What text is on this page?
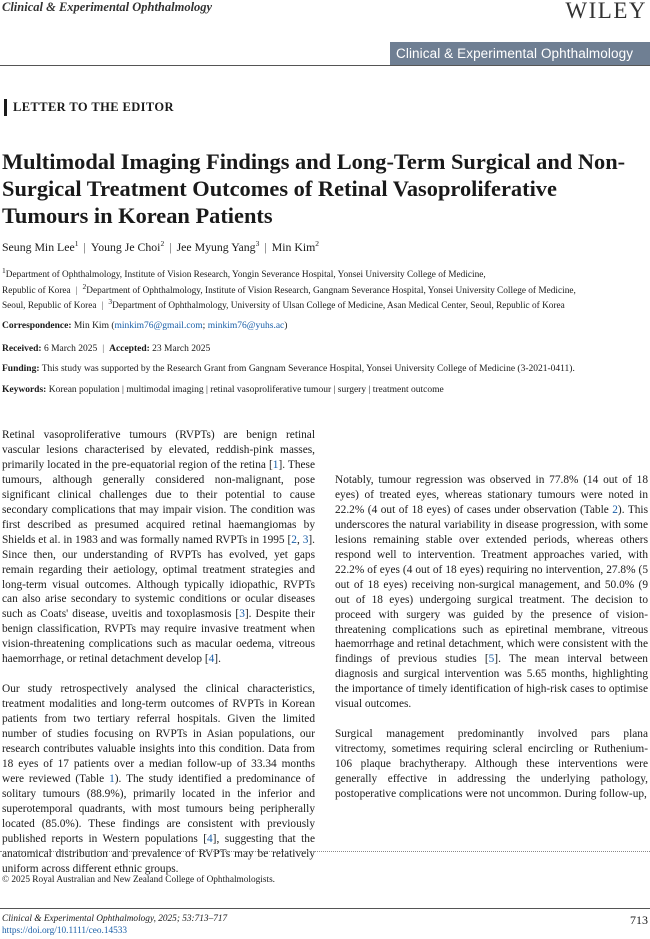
Clinical & Experimental Ophthalmology	WILEY
Clinical & Experimental Ophthalmology
LETTER TO THE EDITOR
Multimodal Imaging Findings and Long-Term Surgical and Non-Surgical Treatment Outcomes of Retinal Vasoproliferative Tumours in Korean Patients
Seung Min Lee$^1$ | Young Je Choi$^2$ | Jee Myung Yang$^3$ | Min Kim$^2$
$^1$Department of Ophthalmology, Institute of Vision Research, Yongin Severance Hospital, Yonsei University College of Medicine,
Republic of Korea | $^2$Department of Ophthalmology, Institute of Vision Research, Gangnam Severance Hospital, Yonsei University College of Medicine,
Seoul, Republic of Korea | $^3$Department of Ophthalmology, University of Ulsan College of Medicine, Asan Medical Center, Seoul, Republic of Korea
Correspondence: Min Kim (minkim76@gmail.com; minkim76@yuhs.ac)
Received: 6 March 2025 | Accepted: 23 March 2025
Funding: This study was supported by the Research Grant from Gangnam Severance Hospital, Yonsei University College of Medicine (3-2021-0411).
Keywords: Korean population | multimodal imaging | retinal vasoproliferative tumour | surgery | treatment outcome

Retinal vasoproliferative tumours (RVPTs) are benign retinal vascular lesions characterised by elevated, reddish-pink masses, primarily located in the pre-equatorial region of the retina [1]. These tumours, although generally considered non-malignant, pose significant clinical challenges due to their potential to cause secondary complications that may impair vision. The condition was first described as presumed acquired retinal haemangiomas by Shields et al. in 1983 and was formally named RVPTs in 1995 [2, 3]. Since then, our understanding of RVPTs has evolved, yet gaps remain regarding their aetiology, optimal treatment strategies and long-term visual outcomes. Although typically idiopathic, RVPTs can also arise secondary to systemic conditions or ocular diseases such as Coats' disease, uveitis and toxoplasmosis [3]. Despite their benign classification, RVPTs may require invasive treatment when vision-threatening complications such as macular oedema, vitreous haemorrhage, or retinal detachment develop [4].

Our study retrospectively analysed the clinical characteristics, treatment modalities and long-term outcomes of RVPTs in Korean patients from two tertiary referral hospitals. Given the limited number of studies focusing on RVPTs in Asian populations, our research contributes valuable insights into this condition. Data from 18 eyes of 17 patients over a median follow-up of 33.34 months were reviewed (Table 1). The study identified a predominance of solitary tumours (88.9%), primarily located in the inferior and superotemporal quadrants, with most tumours being peripherally located (85.0%). These findings are consistent with previously published reports in Western populations [4], suggesting that the anatomical distribution and prevalence of RVPTs may be relatively uniform across different ethnic groups.

Notably, tumour regression was observed in 77.8% (14 out of 18 eyes) of treated eyes, whereas stationary tumours were noted in 22.2% (4 out of 18 eyes) of cases under observation (Table 2). This underscores the natural variability in disease progression, with some lesions remaining stable over extended periods, whereas others respond well to intervention. Treatment approaches varied, with 22.2% of eyes (4 out of 18 eyes) requiring no intervention, 27.8% (5 out of 18 eyes) receiving non-surgical management, and 50.0% (9 out of 18 eyes) undergoing surgical treatment. The decision to proceed with surgery was guided by the presence of vision-threatening complications such as epiretinal membrane, vitreous haemorrhage and retinal detachment, which were consistent with the findings of previous studies [5]. The mean interval between diagnosis and surgical intervention was 5.65 months, highlighting the importance of timely identification of high-risk cases to optimise visual outcomes.

Surgical management predominantly involved pars plana vitrectomy, sometimes requiring scleral encircling or Ruthenium-106 plaque brachytherapy. Although these interventions were generally effective in addressing the underlying pathology, postoperative complications were not uncommon. During follow-up,

© 2025 Royal Australian and New Zealand College of Ophthalmologists.
Clinical & Experimental Ophthalmology, 2025; 53:713–717
https://doi.org/10.1111/ceo.14533
713
